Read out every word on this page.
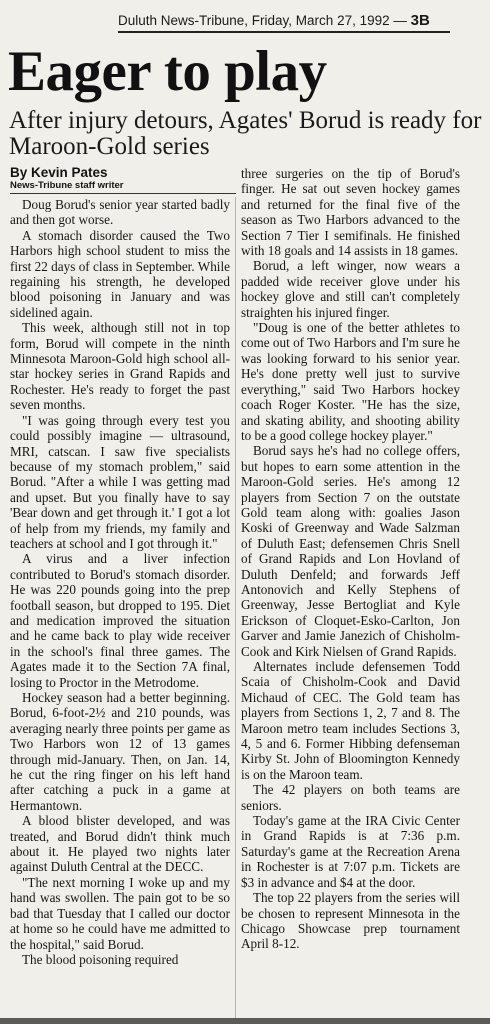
Duluth News-Tribune, Friday, March 27, 1992 — 3B
Eager to play
After injury detours, Agates' Borud is ready for Maroon-Gold series
By Kevin Pates
News-Tribune staff writer

Doug Borud's senior year started badly and then got worse.

A stomach disorder caused the Two Harbors high school student to miss the first 22 days of class in September. While regaining his strength, he developed blood poisoning in January and was sidelined again.

This week, although still not in top form, Borud will compete in the ninth Minnesota Maroon-Gold high school all-star hockey series in Grand Rapids and Rochester. He's ready to forget the past seven months.

"I was going through every test you could possibly imagine — ultrasound, MRI, catscan. I saw five specialists because of my stomach problem," said Borud. "After a while I was getting mad and upset. But you finally have to say 'Bear down and get through it.' I got a lot of help from my friends, my family and teachers at school and I got through it."

A virus and a liver infection contributed to Borud's stomach disorder. He was 220 pounds going into the prep football season, but dropped to 195. Diet and medication improved the situation and he came back to play wide receiver in the school's final three games. The Agates made it to the Section 7A final, losing to Proctor in the Metrodome.

Hockey season had a better beginning. Borud, 6-foot-2½ and 210 pounds, was averaging nearly three points per game as Two Harbors won 12 of 13 games through mid-January. Then, on Jan. 14, he cut the ring finger on his left hand after catching a puck in a game at Hermantown.

A blood blister developed, and was treated, and Borud didn't think much about it. He played two nights later against Duluth Central at the DECC.

"The next morning I woke up and my hand was swollen. The pain got to be so bad that Tuesday that I called our doctor at home so he could have me admitted to the hospital," said Borud.

The blood poisoning required

three surgeries on the tip of Borud's finger. He sat out seven hockey games and returned for the final five of the season as Two Harbors advanced to the Section 7 Tier I semifinals. He finished with 18 goals and 14 assists in 18 games.

Borud, a left winger, now wears a padded wide receiver glove under his hockey glove and still can't completely straighten his injured finger.

"Doug is one of the better athletes to come out of Two Harbors and I'm sure he was looking forward to his senior year. He's done pretty well just to survive everything," said Two Harbors hockey coach Roger Koster. "He has the size, and skating ability, and shooting ability to be a good college hockey player."

Borud says he's had no college offers, but hopes to earn some attention in the Maroon-Gold series. He's among 12 players from Section 7 on the outstate Gold team along with: goalies Jason Koski of Greenway and Wade Salzman of Duluth East; defensemen Chris Snell of Grand Rapids and Lon Hovland of Duluth Denfeld; and forwards Jeff Antonovich and Kelly Stephens of Greenway, Jesse Bertogliat and Kyle Erickson of Cloquet-Esko-Carlton, Jon Garver and Jamie Janezich of Chisholm-Cook and Kirk Nielsen of Grand Rapids.

Alternates include defensemen Todd Scaia of Chisholm-Cook and David Michaud of CEC. The Gold team has players from Sections 1, 2, 7 and 8. The Maroon metro team includes Sections 3, 4, 5 and 6. Former Hibbing defenseman Kirby St. John of Bloomington Kennedy is on the Maroon team.

The 42 players on both teams are seniors.

Today's game at the IRA Civic Center in Grand Rapids is at 7:36 p.m. Saturday's game at the Recreation Arena in Rochester is at 7:07 p.m. Tickets are $3 in advance and $4 at the door.

The top 22 players from the series will be chosen to represent Minnesota in the Chicago Showcase prep tournament April 8-12.
